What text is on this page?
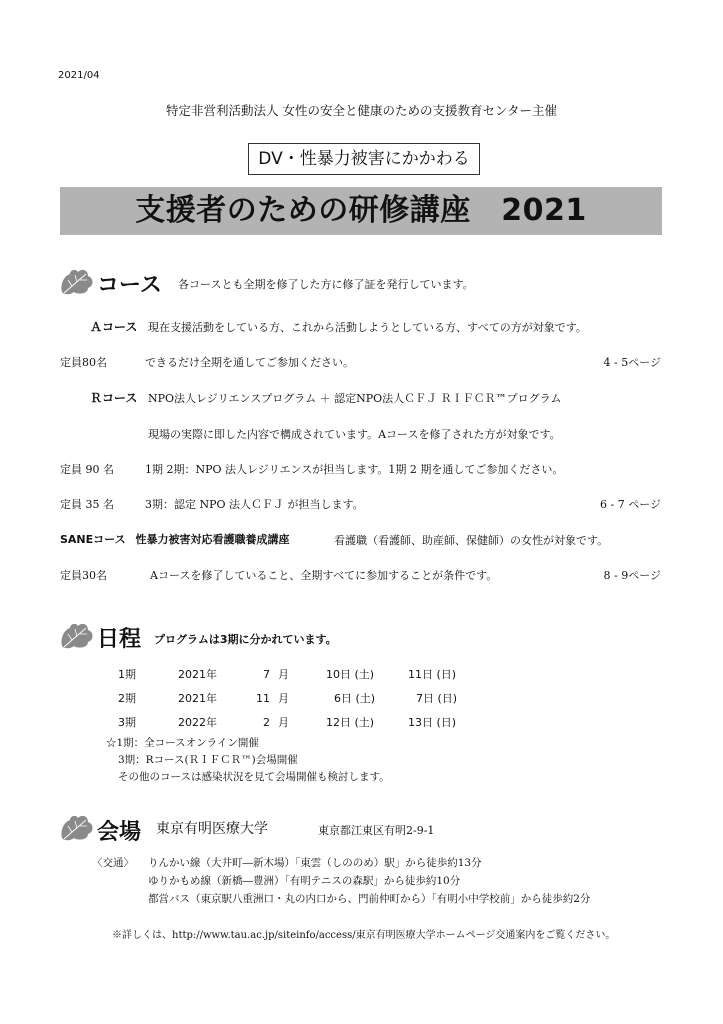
2021/04
特定非営利活動法人 女性の安全と健康のための支援教育センター主催
DV・性暴力被害にかかわる
支援者のための研修講座　2021
コース 各コースとも全期を修了した方に修了証を発行しています。
Ａコース 現在支援活動をしている方、これから活動しようとしている方、すべての方が対象です。
定員80名	できるだけ全期を通してご参加ください。	4 - 5ページ
Ｒコース NPO法人レジリエンスプログラム ＋ 認定NPO法人ＣＦＪ ＲＩＦＣＲ™プログラム
現場の実際に即した内容で構成されています。Aコースを修了された方が対象です。
定員 90 名	1期 2期：NPO 法人レジリエンスが担当します。1期 2 期を通してご参加ください。
定員 35 名	3期：認定 NPO 法人ＣＦＪ が担当します。	6 - 7 ページ
SANEコース 性暴力被害対応看護職養成講座	看護職（看護師、助産師、保健師）の女性が対象です。
定員30名	Aコースを修了していること、全期すべてに参加することが条件です。	8 - 9ページ
日程 プログラムは3期に分かれています。
1期	2021年	7	月	10日 (土)	11日 (日)
2期	2021年	11	月	6日 (土)	7日 (日)
3期	2022年	2	月	12日 (土)	13日 (日)
☆1期：全コースオンライン開催
3期：Rコース(ＲＩＦＣＲ™)会場開催
その他のコースは感染状況を見て会場開催も検討します。
会場 東京有明医療大学	東京都江東区有明2-9-1
〈交通〉 りんかい線（大井町―新木場）「東雲（しののめ）駅」から徒歩約13分
ゆりかもめ線（新橋―豊洲）「有明テニスの森駅」から徒歩約10分
都営バス（東京駅八重洲口・丸の内口から、門前仲町から）「有明小中学校前」から徒歩約2分
※詳しくは、http://www.tau.ac.jp/siteinfo/access/東京有明医療大学ホームページ交通案内をご覧ください。
